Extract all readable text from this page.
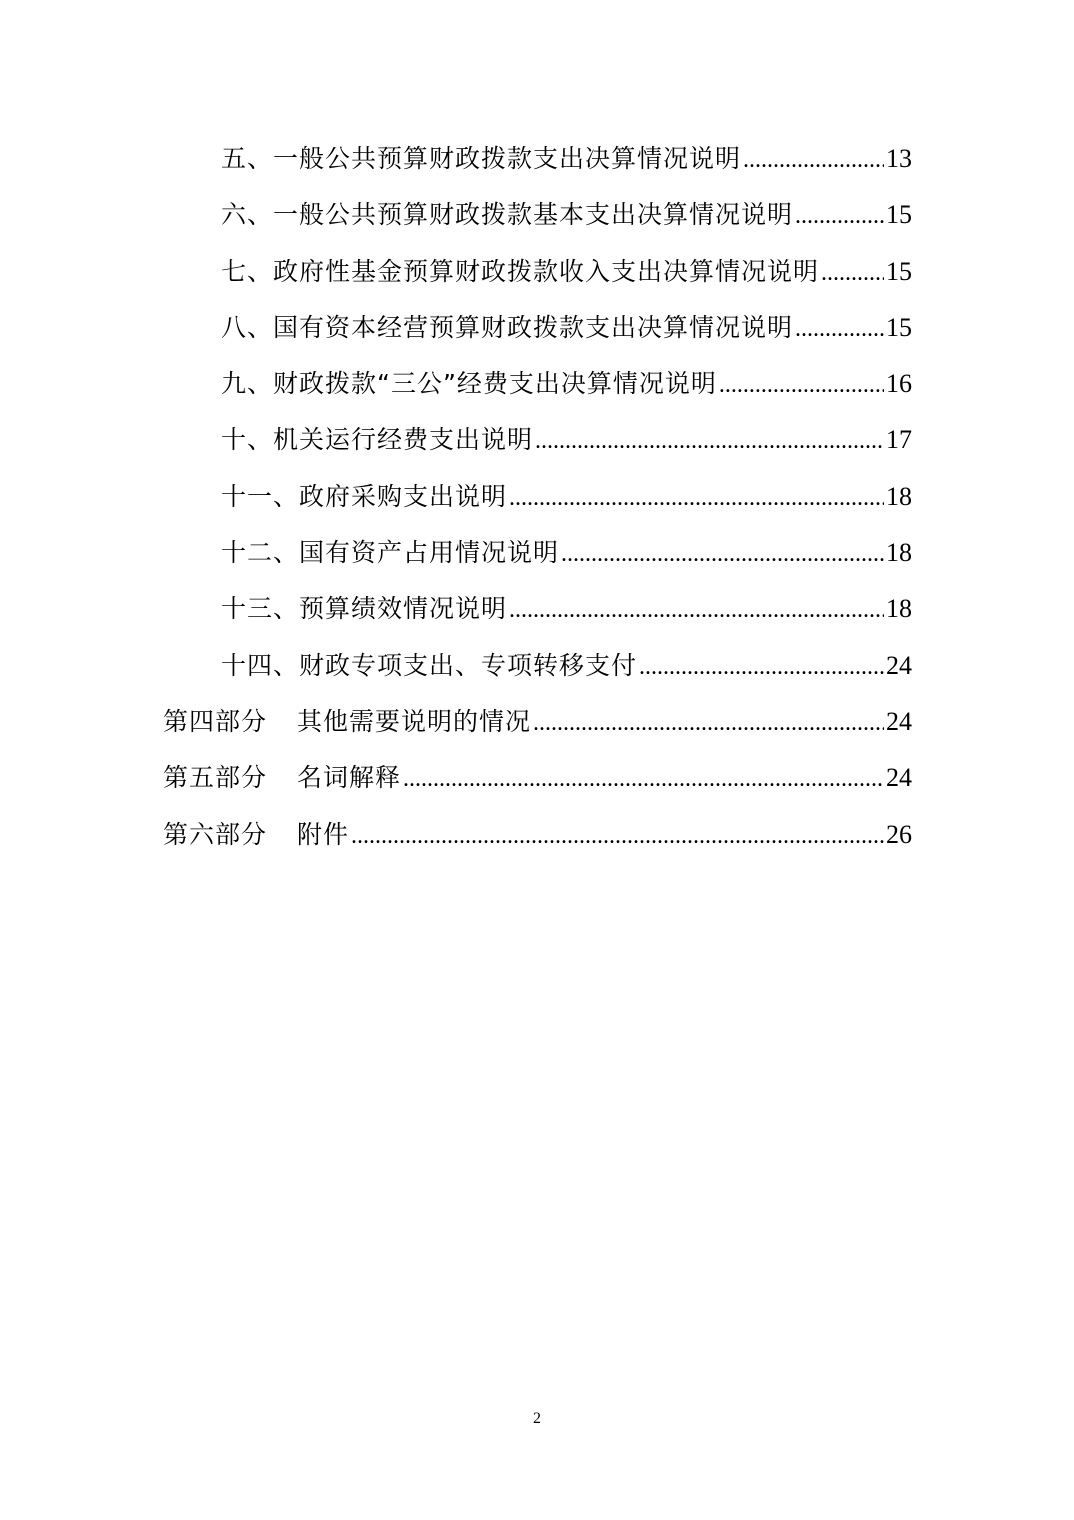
五、一般公共预算财政拨款支出决算情况说明 .....	13
六、一般公共预算财政拨款基本支出决算情况说明 .....	15
七、政府性基金预算财政拨款收入支出决算情况说明 .....	15
八、国有资本经营预算财政拨款支出决算情况说明 .....	15
九、财政拨款“三公”经费支出决算情况说明 .....	16
十、机关运行经费支出说明 .....	17
十一、政府采购支出说明 .....	18
十二、国有资产占用情况说明 .....	18
十三、预算绩效情况说明 .....	18
十四、财政专项支出、专项转移支付 .....	24
第四部分 其他需要说明的情况 .....	24
第五部分 名词解释 .....	24
第六部分 附件 .....	26
2
